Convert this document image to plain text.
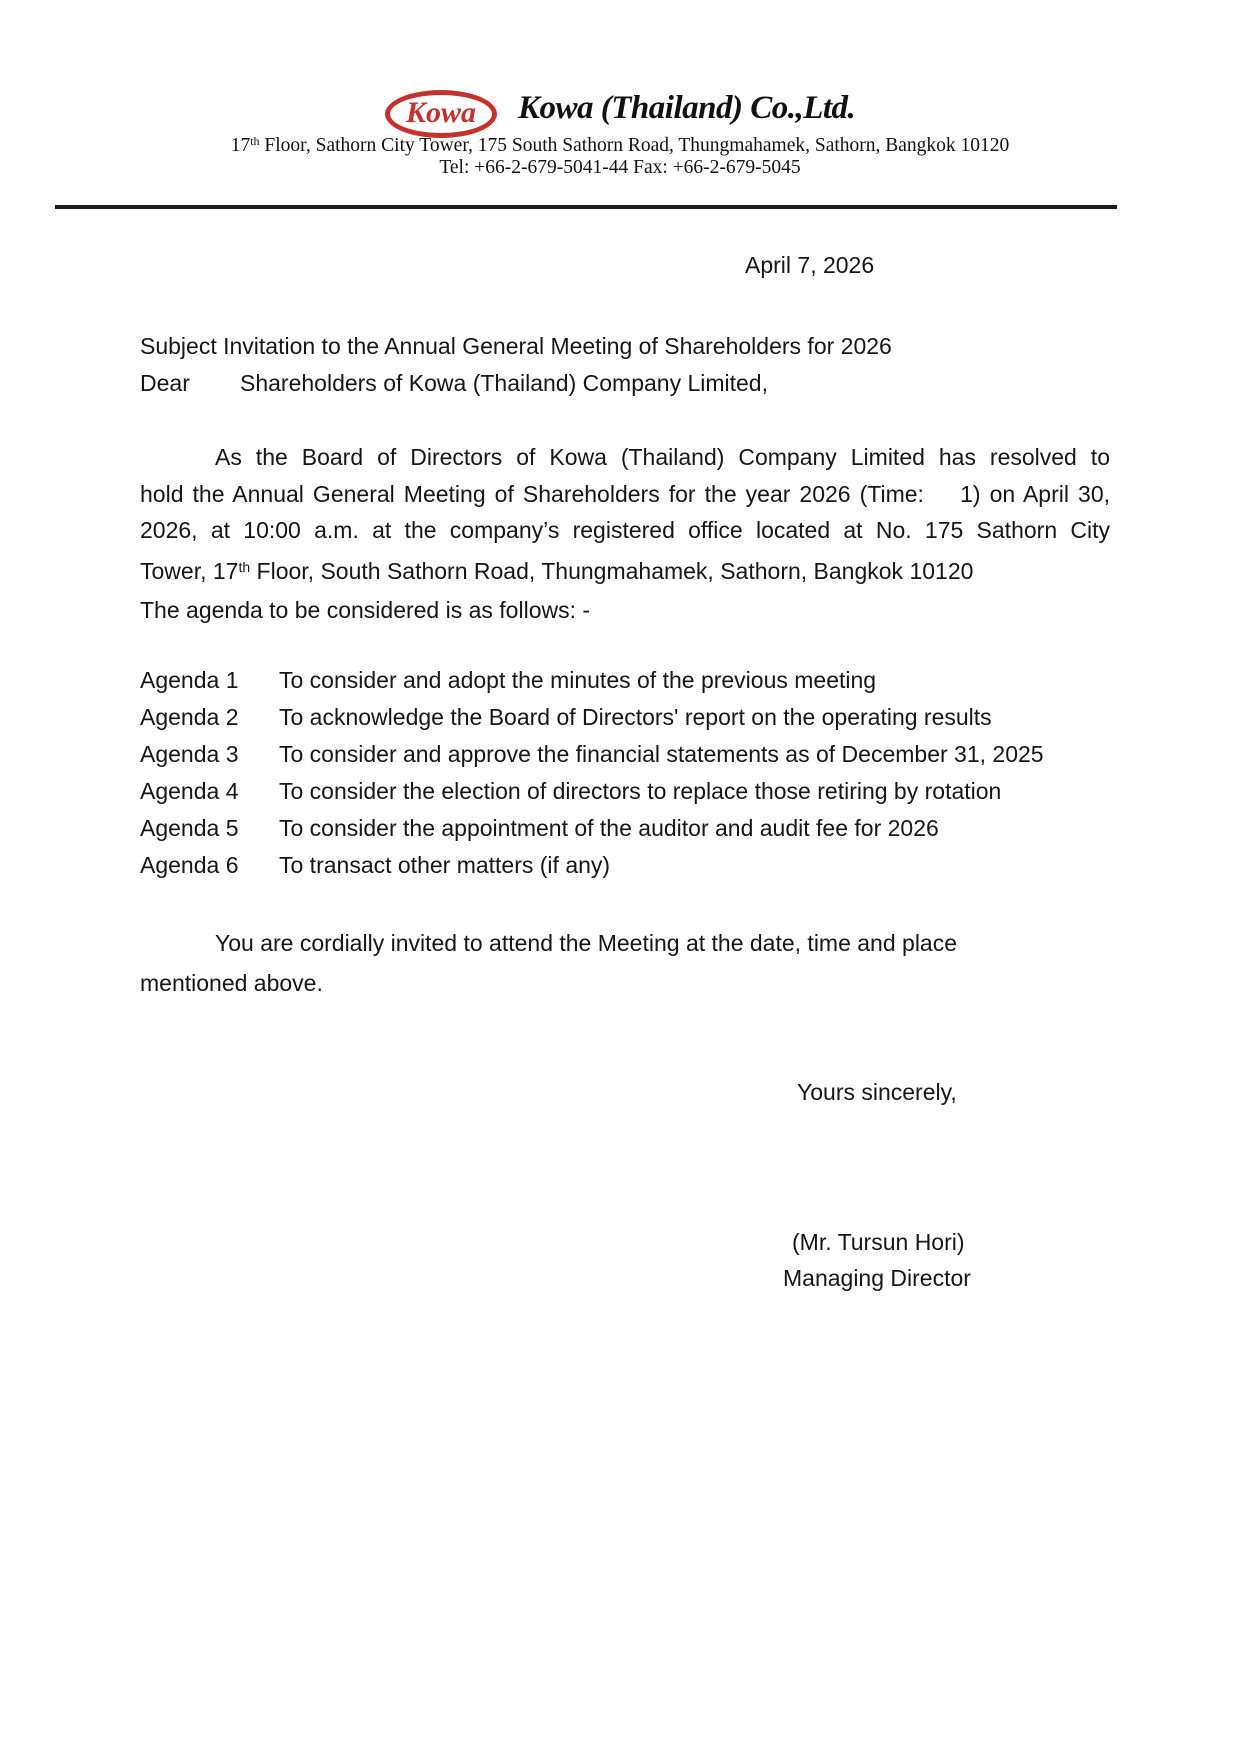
Kowa Kowa (Thailand) Co.,Ltd.
17th Floor, Sathorn City Tower, 175 South Sathorn Road, Thungmahamek, Sathorn, Bangkok 10120
Tel: +66-2-679-5041-44 Fax: +66-2-679-5045
April 7, 2026
Subject Invitation to the Annual General Meeting of Shareholders for 2026
Dear Shareholders of Kowa (Thailand) Company Limited,
As the Board of Directors of Kowa (Thailand) Company Limited has resolved to
hold the Annual General Meeting of Shareholders for the year 2026 (Time:    1) on April 30,
2026, at 10:00 a.m. at the company’s registered office located at No. 175 Sathorn City
Tower, 17th Floor, South Sathorn Road, Thungmahamek, Sathorn, Bangkok 10120
The agenda to be considered is as follows: -
Agenda 1 To consider and adopt the minutes of the previous meeting
Agenda 2 To acknowledge the Board of Directors' report on the operating results
Agenda 3 To consider and approve the financial statements as of December 31, 2025
Agenda 4 To consider the election of directors to replace those retiring by rotation
Agenda 5 To consider the appointment of the auditor and audit fee for 2026
Agenda 6 To transact other matters (if any)
You are cordially invited to attend the Meeting at the date, time and place
mentioned above.
Yours sincerely,
(Mr. Tursun Hori)
Managing Director
